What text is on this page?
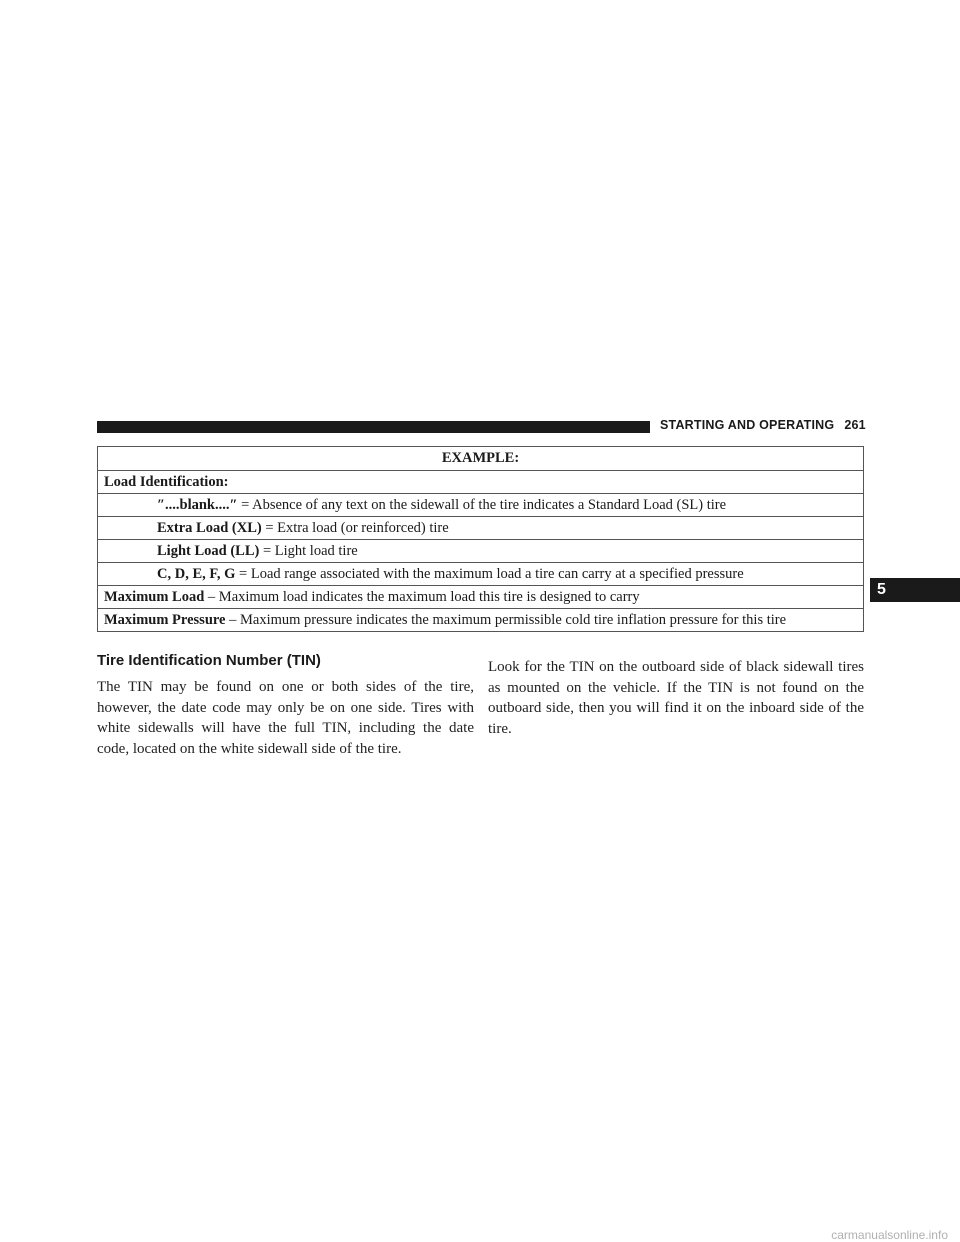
STARTING AND OPERATING 261
EXAMPLE:
Load Identification:
″....blank....″ = Absence of any text on the sidewall of the tire indicates a Standard Load (SL) tire
Extra Load (XL) = Extra load (or reinforced) tire
Light Load (LL) = Light load tire
C, D, E, F, G = Load range associated with the maximum load a tire can carry at a specified pressure
Maximum Load – Maximum load indicates the maximum load this tire is designed to carry
Maximum Pressure – Maximum pressure indicates the maximum permissible cold tire inflation pressure for this tire
Tire Identification Number (TIN)
The TIN may be found on one or both sides of the tire, however, the date code may only be on one side. Tires with white sidewalls will have the full TIN, including the date code, located on the white sidewall side of the tire.
Look for the TIN on the outboard side of black sidewall tires as mounted on the vehicle. If the TIN is not found on the outboard side, then you will find it on the inboard side of the tire.
5
carmanualsonline.info
